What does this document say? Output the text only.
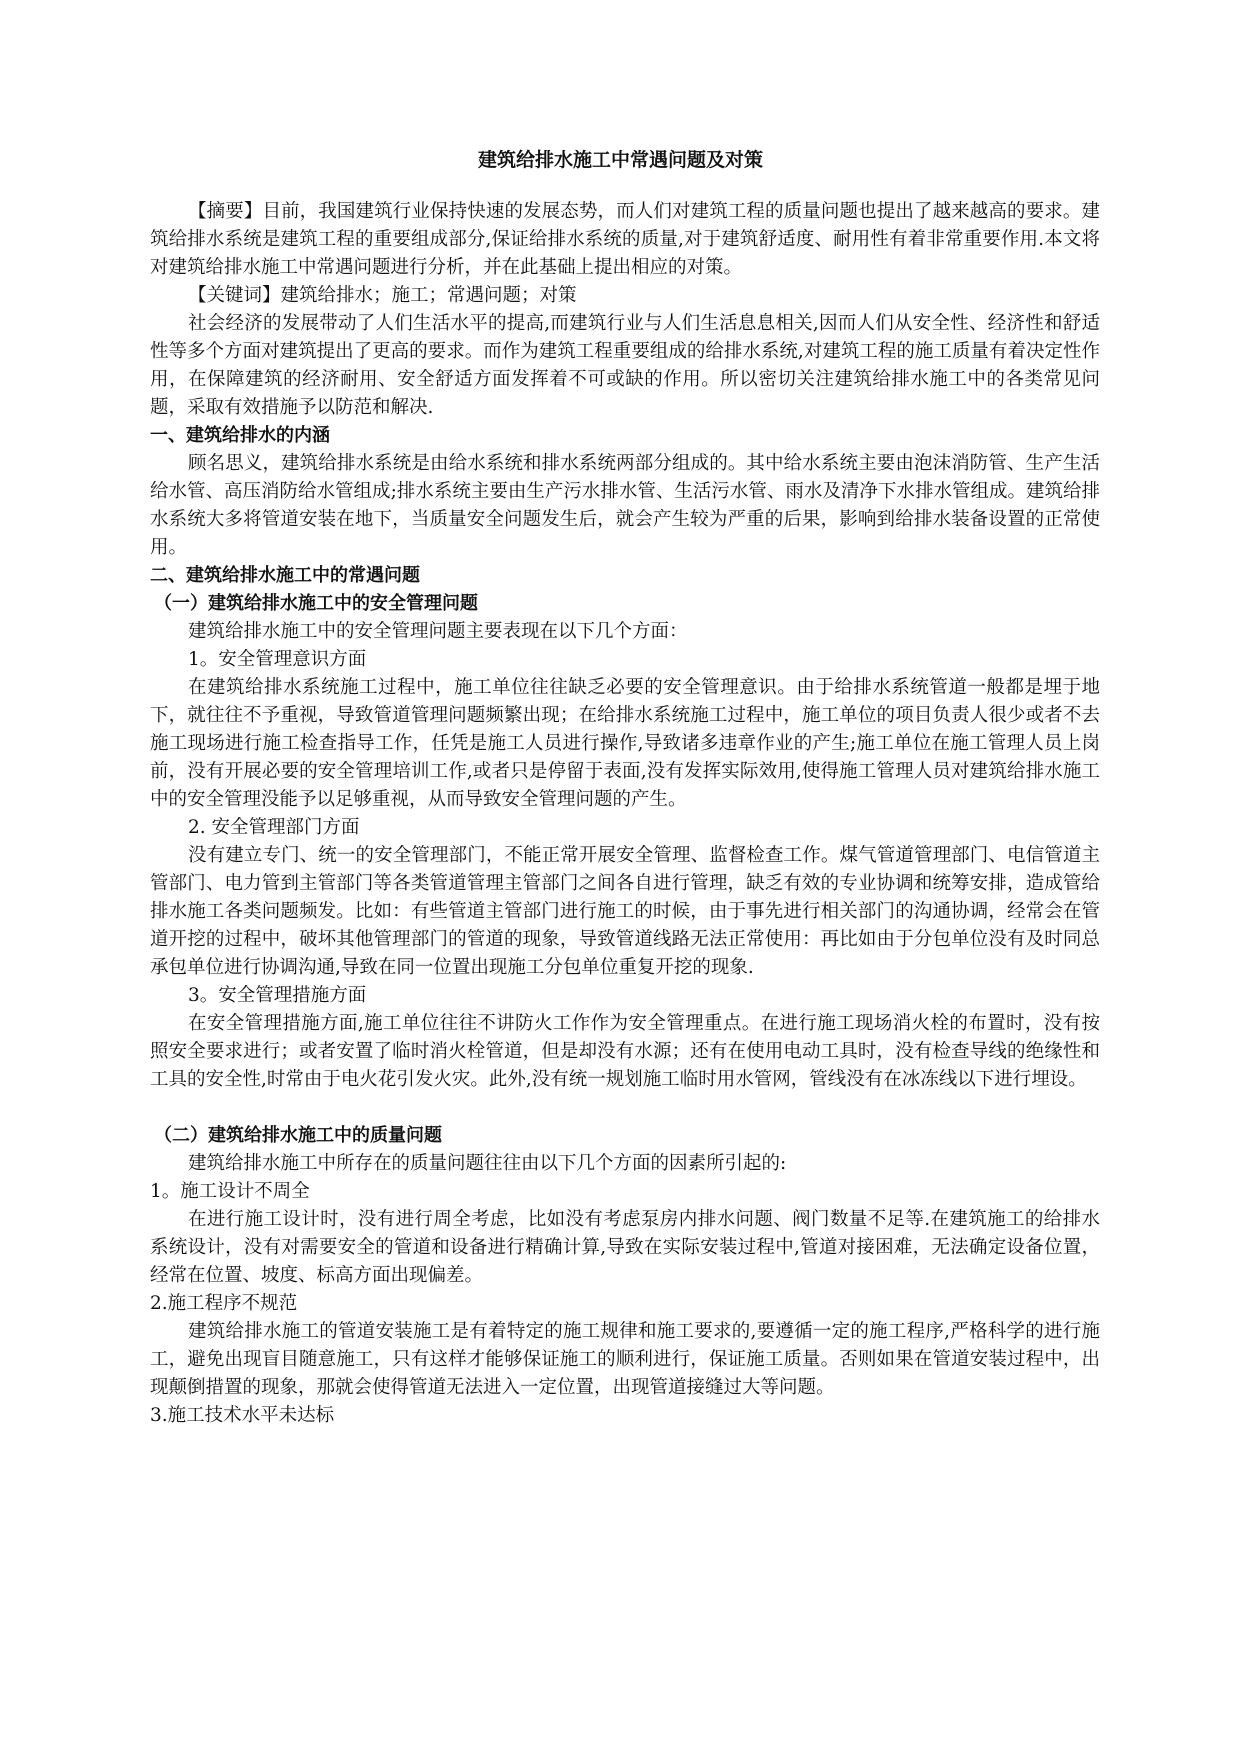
建筑给排水施工中常遇问题及对策

【摘要】目前，我国建筑行业保持快速的发展态势，而人们对建筑工程的质量问题也提出了越来越高的要求。建筑给排水系统是建筑工程的重要组成部分,保证给排水系统的质量,对于建筑舒适度、耐用性有着非常重要作用.本文将对建筑给排水施工中常遇问题进行分析，并在此基础上提出相应的对策。

【关键词】建筑给排水；施工；常遇问题；对策

社会经济的发展带动了人们生活水平的提高,而建筑行业与人们生活息息相关,因而人们从安全性、经济性和舒适性等多个方面对建筑提出了更高的要求。而作为建筑工程重要组成的给排水系统,对建筑工程的施工质量有着决定性作用，在保障建筑的经济耐用、安全舒适方面发挥着不可或缺的作用。所以密切关注建筑给排水施工中的各类常见问题，采取有效措施予以防范和解决.

一、建筑给排水的内涵

顾名思义，建筑给排水系统是由给水系统和排水系统两部分组成的。其中给水系统主要由泡沫消防管、生产生活给水管、高压消防给水管组成;排水系统主要由生产污水排水管、生活污水管、雨水及清净下水排水管组成。建筑给排水系统大多将管道安装在地下，当质量安全问题发生后，就会产生较为严重的后果，影响到给排水装备设置的正常使用。

二、建筑给排水施工中的常遇问题

（一）建筑给排水施工中的安全管理问题

建筑给排水施工中的安全管理问题主要表现在以下几个方面：

1。安全管理意识方面

在建筑给排水系统施工过程中，施工单位往往缺乏必要的安全管理意识。由于给排水系统管道一般都是埋于地下，就往往不予重视，导致管道管理问题频繁出现；在给排水系统施工过程中，施工单位的项目负责人很少或者不去施工现场进行施工检查指导工作，任凭是施工人员进行操作,导致诸多违章作业的产生;施工单位在施工管理人员上岗前，没有开展必要的安全管理培训工作,或者只是停留于表面,没有发挥实际效用,使得施工管理人员对建筑给排水施工中的安全管理没能予以足够重视，从而导致安全管理问题的产生。

2. 安全管理部门方面

没有建立专门、统一的安全管理部门，不能正常开展安全管理、监督检查工作。煤气管道管理部门、电信管道主管部门、电力管到主管部门等各类管道管理主管部门之间各自进行管理，缺乏有效的专业协调和统筹安排，造成管给排水施工各类问题频发。比如：有些管道主管部门进行施工的时候，由于事先进行相关部门的沟通协调，经常会在管道开挖的过程中，破坏其他管理部门的管道的现象，导致管道线路无法正常使用：再比如由于分包单位没有及时同总承包单位进行协调沟通,导致在同一位置出现施工分包单位重复开挖的现象.

3。安全管理措施方面

在安全管理措施方面,施工单位往往不讲防火工作作为安全管理重点。在进行施工现场消火栓的布置时，没有按照安全要求进行；或者安置了临时消火栓管道，但是却没有水源；还有在使用电动工具时，没有检查导线的绝缘性和工具的安全性,时常由于电火花引发火灾。此外,没有统一规划施工临时用水管网，管线没有在冰冻线以下进行埋设。

（二）建筑给排水施工中的质量问题

建筑给排水施工中所存在的质量问题往往由以下几个方面的因素所引起的:

1。施工设计不周全

在进行施工设计时，没有进行周全考虑，比如没有考虑泵房内排水问题、阀门数量不足等.在建筑施工的给排水系统设计，没有对需要安全的管道和设备进行精确计算,导致在实际安装过程中,管道对接困难，无法确定设备位置，经常在位置、坡度、标高方面出现偏差。

2.施工程序不规范

建筑给排水施工的管道安装施工是有着特定的施工规律和施工要求的,要遵循一定的施工程序,严格科学的进行施工，避免出现盲目随意施工，只有这样才能够保证施工的顺利进行，保证施工质量。否则如果在管道安装过程中，出现颠倒措置的现象，那就会使得管道无法进入一定位置，出现管道接缝过大等问题。

3.施工技术水平未达标
